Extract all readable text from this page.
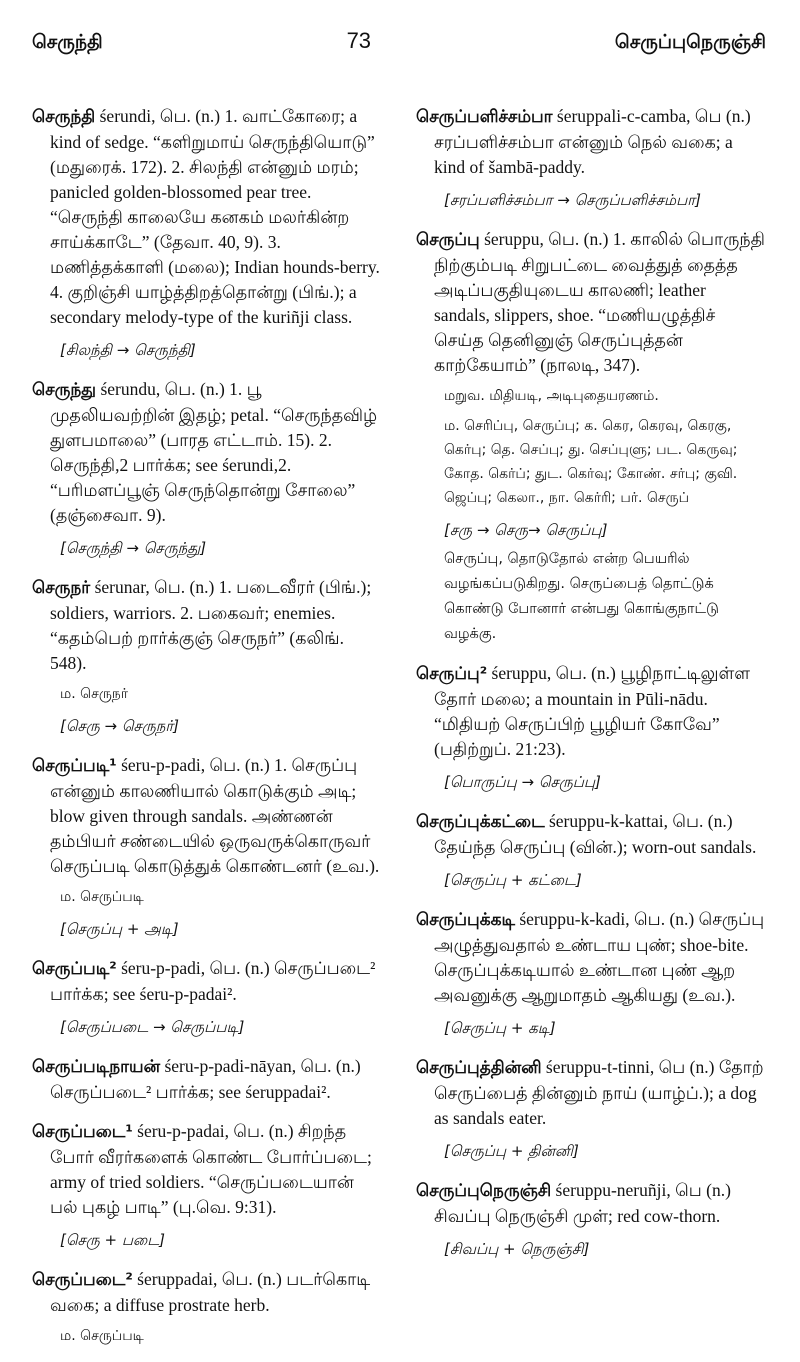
செருந்தி	73	செருப்புநெருஞ்சி
செருந்தி śerundi, பெ. (n.) 1. வாட்கோரை; a kind of sedge. “களிறுமாய் செருந்தியொடு” (மதுரைக். 172). 2. சிலந்தி என்னும் மரம்; panicled golden-blossomed pear tree. “செருந்தி காலையே கனகம் மலர்கின்ற சாய்க்காடே” (தேவா. 40, 9). 3. மணித்தக்காளி (மலை); Indian hounds-berry. 4. குறிஞ்சி யாழ்த்திறத்தொன்று (பிங்.); a secondary melody-type of the kuriñji class.
[சிலந்தி → செருந்தி]
செருந்து śerundu, பெ. (n.) 1. பூ முதலியவற்றின் இதழ்; petal. “செருந்தவிழ் துளபமாலை” (பாரத எட்டாம். 15). 2. செருந்தி,2 பார்க்க; see śerundi,2. “பரிமளப்பூஞ் செருந்தொன்று சோலை” (தஞ்சைவா. 9).
[செருந்தி → செருந்து]
செருநர் śerunar, பெ. (n.) 1. படைவீரர் (பிங்.); soldiers, warriors. 2. பகைவர்; enemies. “கதம்பெற் றார்க்குஞ் செருநர்” (கலிங். 548).
ம. செருநர்
[செரு → செருநர்]
செருப்படி¹ śeru-p-padi, பெ. (n.) 1. செருப்பு என்னும் காலணியால் கொடுக்கும் அடி; blow given through sandals. அண்ணன் தம்பியர் சண்டையில் ஒருவருக்கொருவர் செருப்படி கொடுத்துக் கொண்டனர் (உவ.).
ம. செருப்படி
[செருப்பு + அடி]
செருப்படி² śeru-p-padi, பெ. (n.) செருப்படை² பார்க்க; see śeru-p-padai².
[செருப்படை → செருப்படி]
செருப்படிநாயன் śeru-p-padi-nāyan, பெ. (n.) செருப்படை² பார்க்க; see śeruppadai².
செருப்படை¹ śeru-p-padai, பெ. (n.) சிறந்த போர் வீரர்களைக் கொண்ட போர்ப்படை; army of tried soldiers. “செருப்படையான் பல் புகழ் பாடி” (பு.வெ. 9:31).
[செரு + படை]
செருப்படை² śeruppadai, பெ. (n.) படர்கொடி வகை; a diffuse prostrate herb.
ம. செருப்படி
செருப்பளிச்சம்பா śeruppali-c-camba, பெ (n.) சரப்பளிச்சம்பா என்னும் நெல் வகை; a kind of šambā-paddy.
[சரப்பளிச்சம்பா → செருப்பளிச்சம்பா]
செருப்பு śeruppu, பெ. (n.) 1. காலில் பொருந்தி நிற்கும்படி சிறுபட்டை வைத்துத் தைத்த அடிப்பகுதியுடைய காலணி; leather sandals, slippers, shoe. “மணியழுத்திச் செய்த தெனினுஞ் செருப்புத்தன் காற்கேயாம்” (நாலடி, 347).
மறுவ. மிதியடி, அடிபுதையரணம்.
ம. செரிப்பு, செருப்பு; க. கெர, கெரவு, கெரகு, கெர்பு; தெ. செப்பு; து. செப்புளு; பட. கெருவு; கோத. கெர்ப்; துட. கெர்வு; கோண். சர்பு; குவி. ஜெப்பு; கெலா., நா. கெர்ரி; பர். செருப்
[சரு → செரு→ செருப்பு]
செருப்பு, தொடுதோல் என்ற பெயரில் வழங்கப்படுகிறது. செருப்பைத் தொட்டுக் கொண்டு போனார் என்பது கொங்குநாட்டு வழக்கு.
செருப்பு² śeruppu, பெ. (n.) பூழிநாட்டிலுள்ள தோர் மலை; a mountain in Pūli-nādu. “மிதியற் செருப்பிற் பூழியர் கோவே” (பதிற்றுப். 21:23).
[பொருப்பு → செருப்பு]
செருப்புக்கட்டை śeruppu-k-kattai, பெ. (n.) தேய்ந்த செருப்பு (வின்.); worn-out sandals.
[செருப்பு + கட்டை]
செருப்புக்கடி śeruppu-k-kadi, பெ. (n.) செருப்பு அழுத்துவதால் உண்டாய புண்; shoe-bite. செருப்புக்கடியால் உண்டான புண் ஆற அவனுக்கு ஆறுமாதம் ஆகியது (உவ.).
[செருப்பு + கடி]
செருப்புத்தின்னி śeruppu-t-tinni, பெ (n.) தோற் செருப்பைத் தின்னும் நாய் (யாழ்ப்.); a dog as sandals eater.
[செருப்பு + தின்னி]
செருப்புநெருஞ்சி śeruppu-neruñji, பெ (n.) சிவப்பு நெருஞ்சி முள்; red cow-thorn.
[சிவப்பு + நெருஞ்சி]
